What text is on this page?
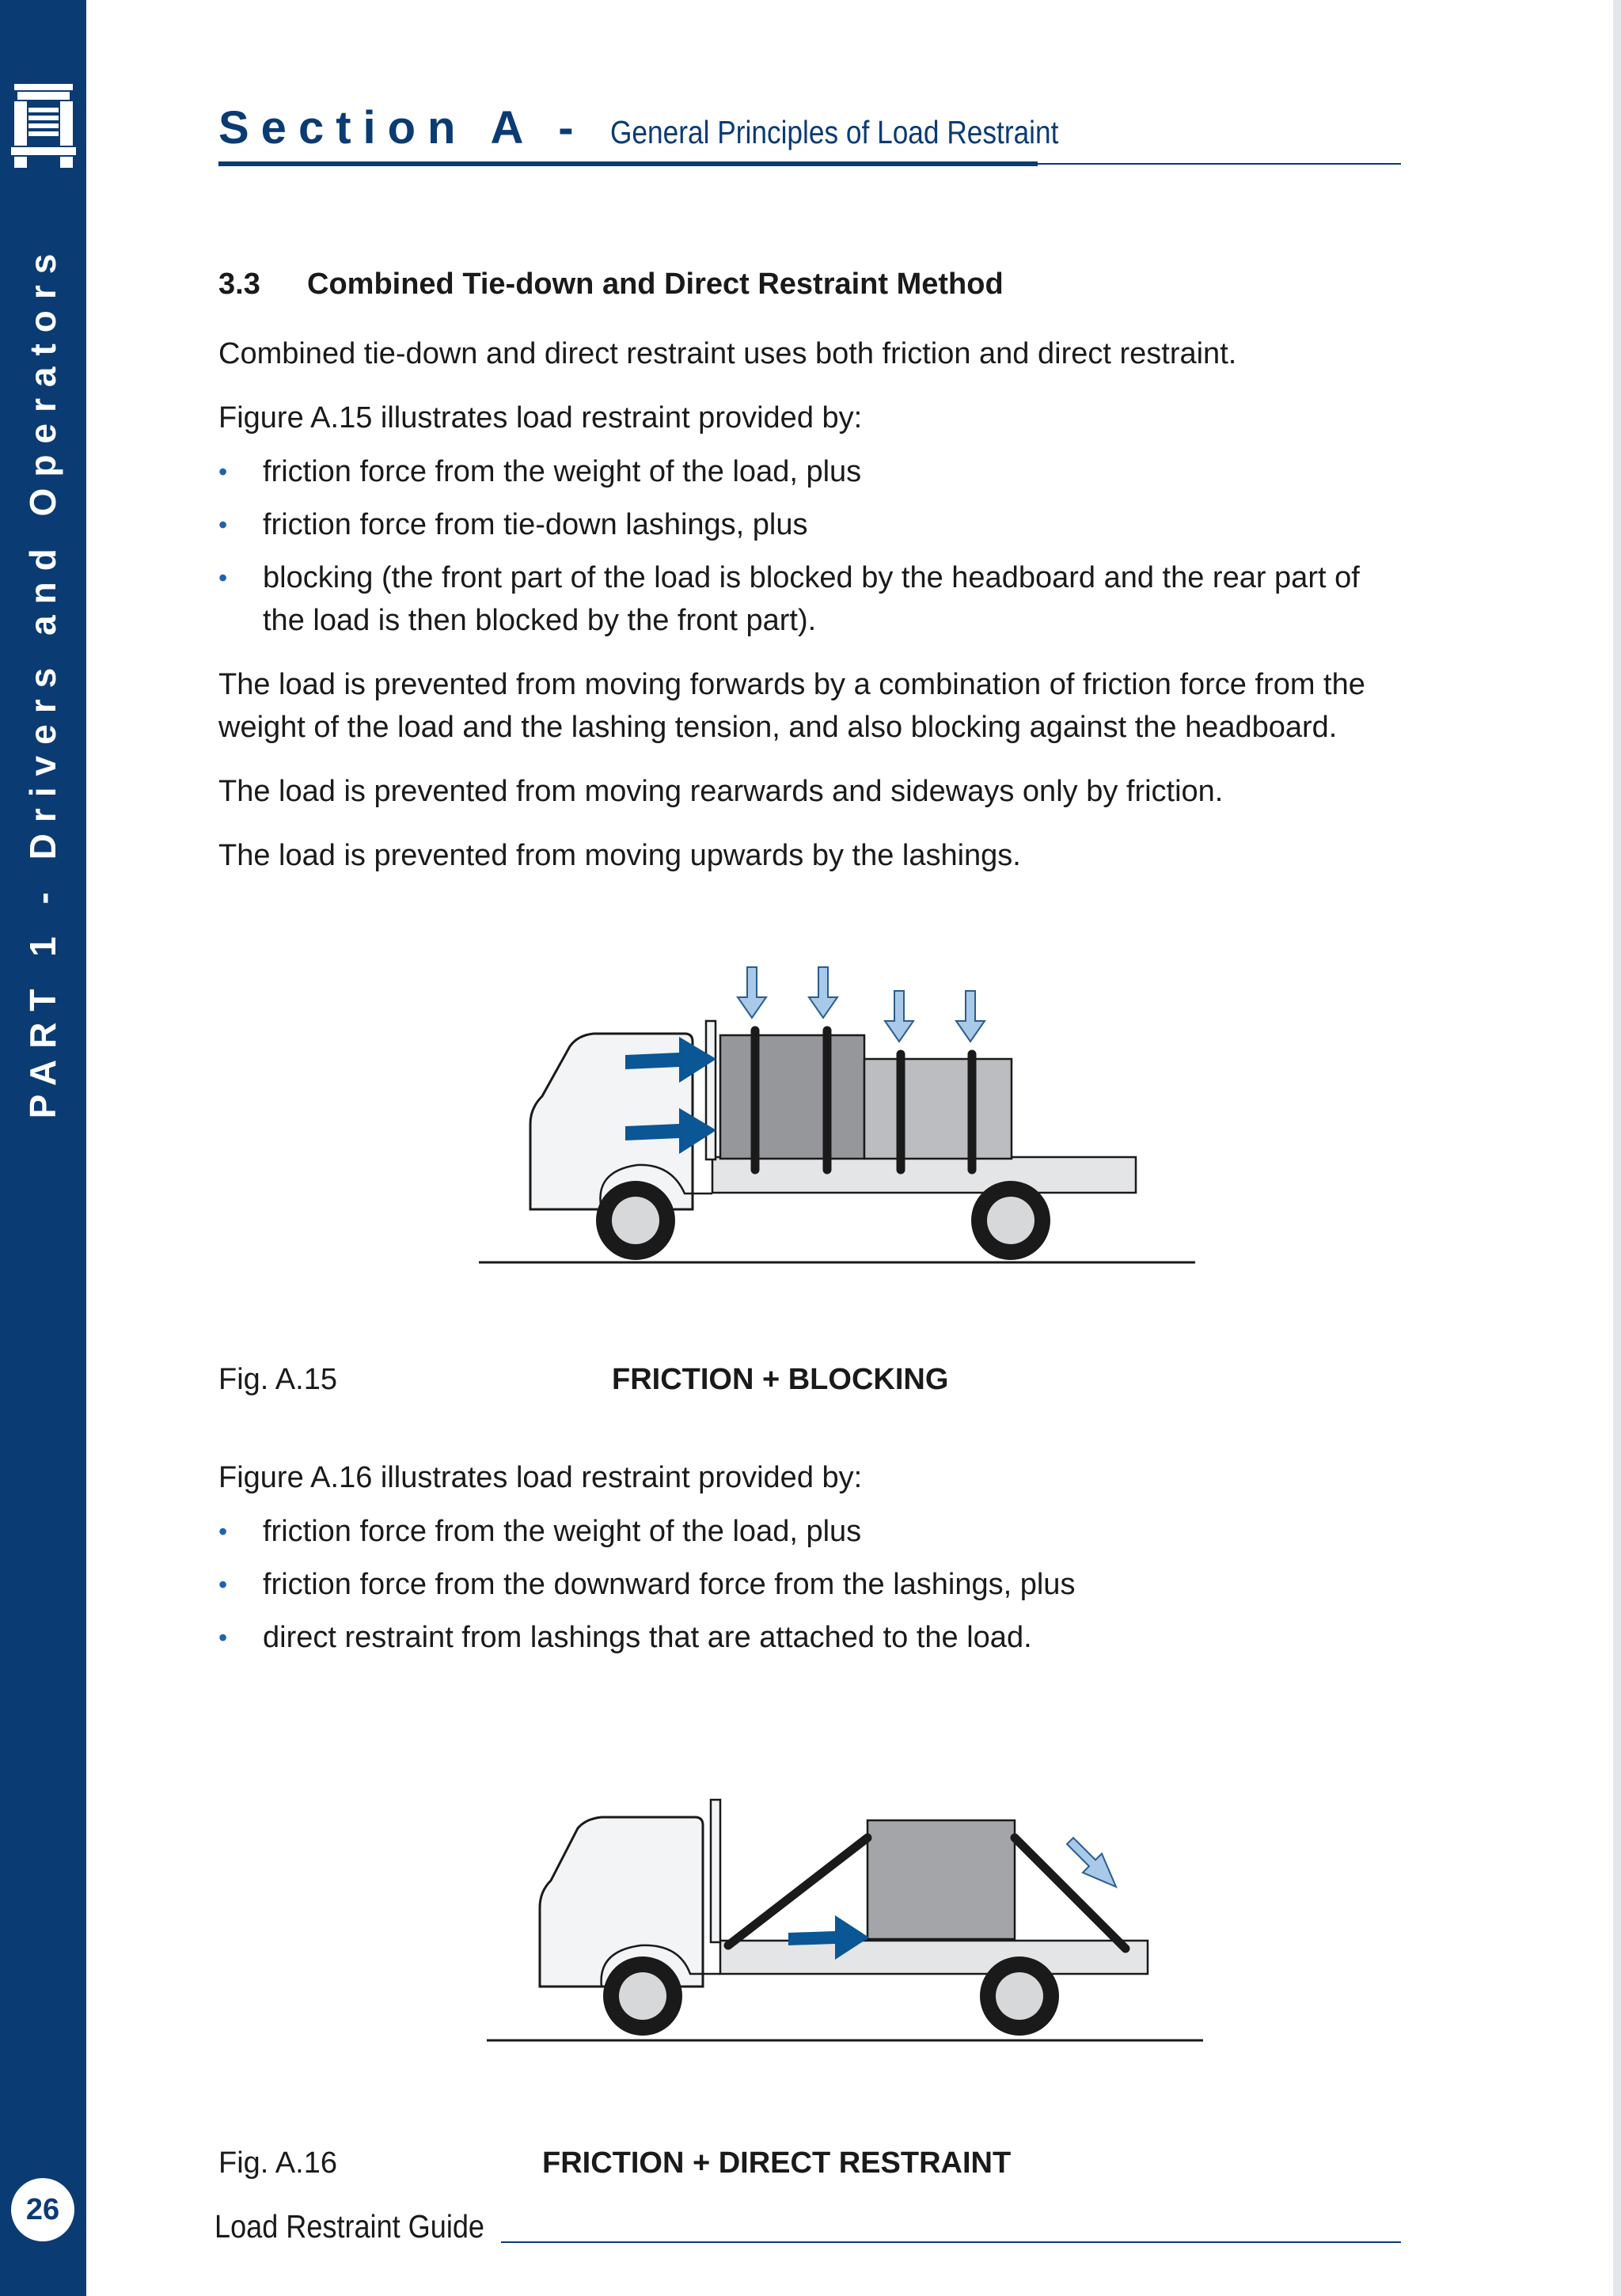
PART 1 - Drivers and Operators
26
Section A - General Principles of Load Restraint
3.3 Combined Tie-down and Direct Restraint Method

Combined tie-down and direct restraint uses both friction and direct restraint.

Figure A.15 illustrates load restraint provided by:

• friction force from the weight of the load, plus
• friction force from tie-down lashings, plus
• blocking (the front part of the load is blocked by the headboard and the rear part of the load is then blocked by the front part).

The load is prevented from moving forwards by a combination of friction force from the weight of the load and the lashing tension, and also blocking against the headboard.

The load is prevented from moving rearwards and sideways only by friction.

The load is prevented from moving upwards by the lashings.

Fig. A.15	FRICTION + BLOCKING

Figure A.16 illustrates load restraint provided by:

• friction force from the weight of the load, plus
• friction force from the downward force from the lashings, plus
• direct restraint from lashings that are attached to the load.
Fig. A.16	FRICTION + DIRECT RESTRAINT
Load Restraint Guide
